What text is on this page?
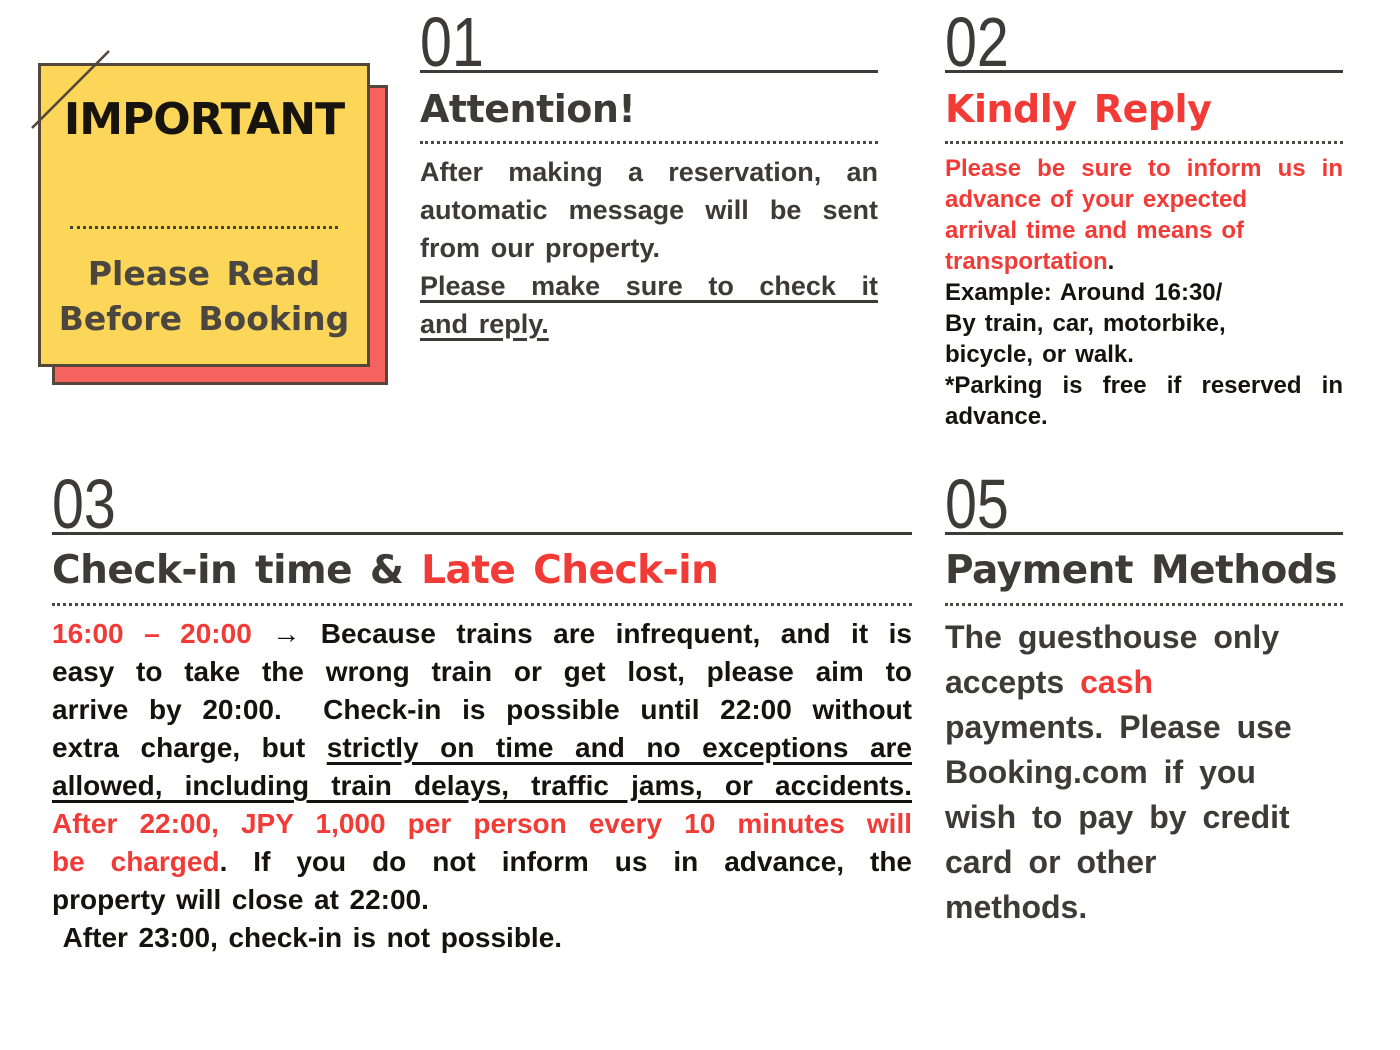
IMPORTANT
Please Read
Before Booking
01
Attention!
After making a reservation, an
automatic message will be sent
from our property.
Please make sure to check it
and reply.
02
Kindly Reply
Please be sure to inform us in
advance of your expected
arrival time and means of
transportation.
Example: Around 16:30/
By train, car, motorbike,
bicycle, or walk.
*Parking is free if reserved in
advance.
03
Check-in time & Late Check-in
16:00 – 20:00 → Because trains are infrequent, and it is
easy to take the wrong train or get lost, please aim to
arrive by 20:00.  Check-in is possible until 22:00 without
extra charge, but strictly on time and no exceptions are
allowed, including train delays, traffic jams, or accidents.
After 22:00, JPY 1,000 per person every 10 minutes will
be charged. If you do not inform us in advance, the
property will close at 22:00.
After 23:00, check-in is not possible.
05
Payment Methods
The guesthouse only
accepts cash
payments. Please use
Booking.com if you
wish to pay by credit
card or other
methods.
